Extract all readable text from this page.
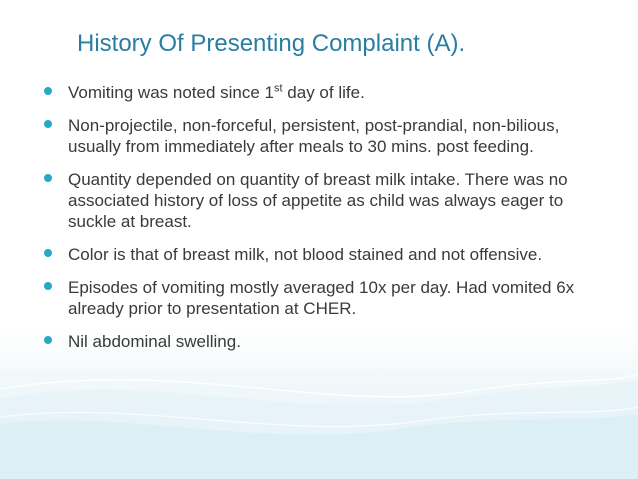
History Of Presenting Complaint (A).
Vomiting was noted since 1st day of life.
Non-projectile, non-forceful, persistent, post-prandial, non-bilious, usually from immediately after meals to 30 mins. post feeding.
Quantity depended on quantity of breast milk intake. There was no associated history of loss of appetite as child was always eager to suckle at breast.
Color is that of breast milk, not blood stained and not offensive.
Episodes of vomiting mostly averaged 10x per day. Had vomited 6x already prior to presentation at CHER.
Nil abdominal swelling.
